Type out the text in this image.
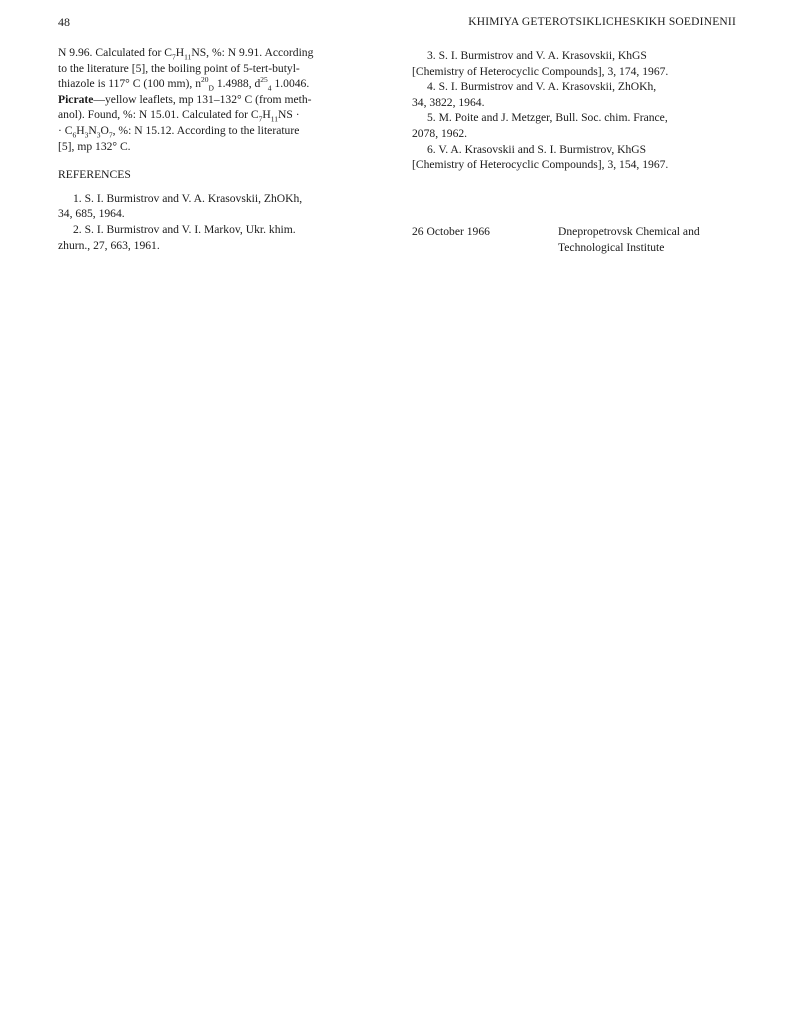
48	KHIMIYA GETEROTSIKLICHESKIKH SOEDINENII
N 9.96. Calculated for $C_7H_{11}NS$, %: N 9.91. According
to the literature [5], the boiling point of 5-tert-butyl-
thiazole is 117° C (100 mm), $n^{20}_D$ 1.4988, $d^{25}_4$ 1.0046.
Picrate—yellow leaflets, mp 131–132° C (from meth-
anol). Found, %: N 15.01. Calculated for $C_7H_{11}NS$ ·
· $C_6H_3N_3O_7$, %: N 15.12. According to the literature
[5], mp 132° C.
REFERENCES
1. S. I. Burmistrov and V. A. Krasovskii, ZhOKh,
34, 685, 1964.
2. S. I. Burmistrov and V. I. Markov, Ukr. khim.
zhurn., 27, 663, 1961.
3. S. I. Burmistrov and V. A. Krasovskii, KhGS
[Chemistry of Heterocyclic Compounds], 3, 174, 1967.
4. S. I. Burmistrov and V. A. Krasovskii, ZhOKh,
34, 3822, 1964.
5. M. Poite and J. Metzger, Bull. Soc. chim. France,
2078, 1962.
6. V. A. Krasovskii and S. I. Burmistrov, KhGS
[Chemistry of Heterocyclic Compounds], 3, 154, 1967.
26 October 1966	Dnepropetrovsk Chemical and
Technological Institute
